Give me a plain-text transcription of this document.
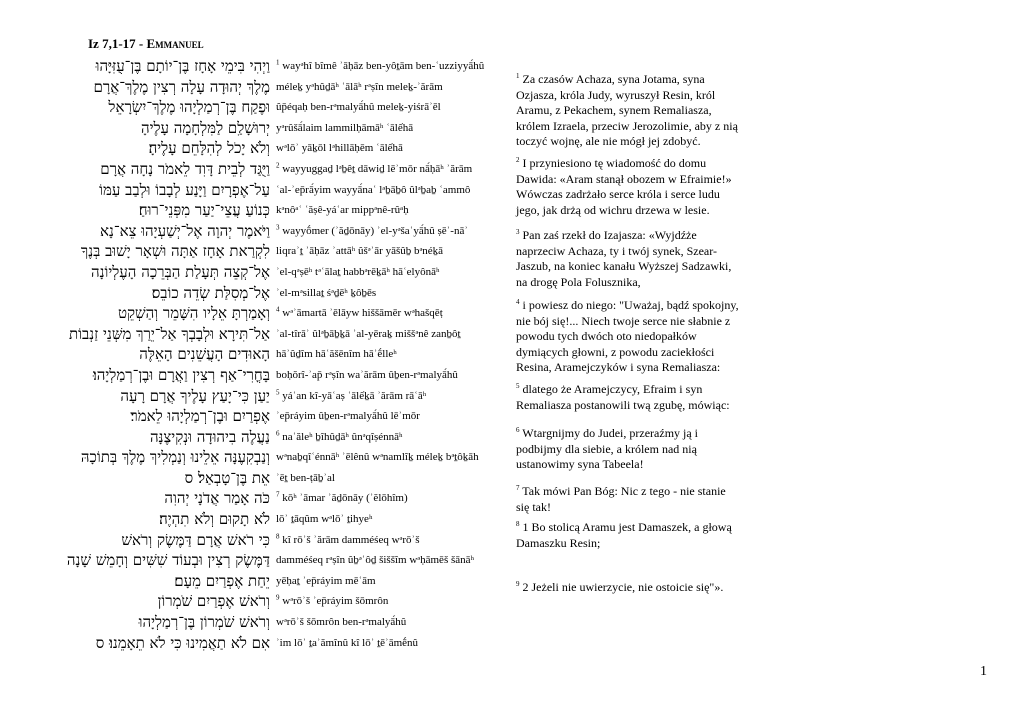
Iz 7,1-17 - Emmanuel
וַיְהִי בִּימֵי אָחָז בֶּן־יוֹתָם בֶּן־עֻזִּיָּהוּ
מֶלֶךְ יְהוּדָה עָלָה רְצִין מֶלֶךְ־אֲרָם
וּפֶקַח בֶּן־רְמַלְיָהוּ מֶלֶךְ־יִשְׂרָאֵל
יְרוּשָׁלִַם לַמִּלְחָמָה עָלֶיהָ
וְלֹא יָכֹל לְהִלָּחֵם עָלֶיהָ׃
וַיֻּגַּד לְבֵית דָּוִד לֵאמֹר נָחָה אֲרָם
עַל־אֶפְרָיִם וַיָּנַע לְבָבוֹ וּלְבַב עַמּוֹ
כְּנוֹעַ עֲצֵי־יַעַר מִפְּנֵי־רוּחַ׃
וַיֹּאמֶר יְהוָה אֶל־יְשַׁעְיָהוּ צֵא־נָא
לִקְרַאת אָחָז אַתָּה וּשְׁאָר יָשׁוּב בְּנֶךָ
אֶל־קְצֵה תְּעָלַת הַבְּרֵכָה הָעֶלְיוֹנָה
אֶל־מְסִלַּת שְׂדֵה כוֹבֵס׃
וְאָמַרְתָּ אֵלָיו הִשָּׁמֵר וְהַשְׁקֵט
אַל־תִּירָא וּלְבָבְךָ אַל־יֵרַךְ מִשְּׁנֵי זַנְבוֹת
הָאוּדִים הָעֲשֵׁנִים הָאֵלֶּה
בָּחֳרִי־אַף רְצִין וַאֲרָם וּבֶן־רְמַלְיָהוּ׃
יַעַן כִּי־יָעַץ עָלֶיךָ אֲרָם רָעָה
אֶפְרַיִם וּבֶן־רְמַלְיָהוּ לֵאמֹר׃
נַעֲלֶה בִיהוּדָה וּנְקִיצֶנָּה
וְנַבְקִעֶנָּה אֵלֵינוּ וְנַמְלִיךְ מֶלֶךְ בְּתוֹכָהּ
אֵת בֶּן־טָבְאַל׃ ס
כֹּה אָמַר אֲדֹנָי יְהוִה
לֹא תָקוּם וְלֹא תִהְיֶה׃
כִּי רֹאשׁ אֲרָם דַּמֶּשֶׂק וְרֹאשׁ
דַּמֶּשֶׂק רְצִין וּבְעוֹד שִׁשִּׁים וְחָמֵשׁ שָׁנָה
יֵחַת אֶפְרַיִם מֵעָם׃
וְרֹאשׁ אֶפְרַיִם שֹׁמְרוֹן
וְרֹאשׁ שֹׁמְרוֹן בֶּן־רְמַלְיָהוּ
אִם לֹא תַאֲמִינוּ כִּי לֹא תֵאָמֵנוּ׃ ס
$^1$ wayᵊhî bîmê ʾāḥāz ben-yôṯām ben-ʿuzziyyā́hû
méleḵ yᵊhûḏāʰ ʿālāʰ rᵊṣîn meleḵ-ʾărām
ûp̄éqaḥ ben-rᵊmalyā́hû meleḵ-yiśrāʾēl
yᵊrûšā́laim lammilḥāmāʰ ʿālếhā
wᵊlōʾ yāḵōl lᵊhillāḥēm ʿālếhā
$^2$ wayyuggaḏ lᵊḇêṯ dāwiḏ lēʾmōr nā́ḥāʰ ʾărām
ʿal-ʾep̄rā́yim wayyā́naʿ lᵊḇāḇô ûlᵊḇaḇ ʿammô
kᵊnôᵃʿ ʿăṣê-yáʿar mippᵊnê-rûᵃḥ
$^3$ wayyṓmer (ʾăḏōnāy) ʾel-yᵊšaʿyā́hû ṣēʾ-nāʾ
liqraʾṯ ʾāḥāz ʾattāʰ ûšᵊʾār yāšûḇ bᵊnéḵā
ʾel-qᵊṣēʰ tᵊʿālaṯ habbᵊrēḵāʰ hāʿelyônāʰ
ʾel-mᵊsillaṯ śᵊḏēʰ ḵôḇēs
$^4$ wᵊʾāmartā ʾēlāyw hiššāmēr wᵊhašqēṭ
ʾal-tîrāʾ ûlᵊḇāḇḵā ʾal-yēraḵ miššᵊnê zanḇôṯ
hāʾûḏîm hāʿăšēnîm hāʾḗlleʰ
boḥŏrî-ʾap̄ rᵊṣîn waʾărām ûḇen-rᵊmalyā́hû
$^5$ yáʿan kî-yāʿaṣ ʿālếḵā ʾărām rāʿāʰ
ʾep̄ráyim ûḇen-rᵊmalyā́hû lēʾmōr
$^6$ naʿăleʰ ḇîhûḏāʰ ûnᵊqîṣénnāʰ
wᵊnaḇqîʿénnāʰ ʾēlênû wᵊnamlîḵ méleḵ bᵊṯôḵāh
ʾēṯ ben-ṭāḇʾal
$^7$ kōʰ ʾāmar ʾăḏōnāy (ʾĕlōhîm)
lōʾ ṯāqûm wᵊlōʾ ṯihyeʰ
$^8$ kî rōʾš ʾărām damméśeq wᵊrōʾš
damméśeq rᵊṣîn ûḇᵊʿôḏ šiššîm wᵊḥāmēš šānāʰ
yēḥaṯ ʾep̄ráyim mēʿām
$^9$ wᵊrōʾš ʾep̄ráyim šōmrôn
wᵊrōʾš šōmrôn ben-rᵊmalyā́hû
ʾim lōʾ ṯaʾămînû kî lōʾ ṯēʾāmḗnû
$^1$ Za czasów Achaza, syna Jotama, syna
Ozjasza, króla Judy, wyruszył Resin, król
Aramu, z Pekachem, synem Remaliasza,
królem Izraela, przeciw Jerozolimie, aby z nią
toczyć wojnę, ale nie mógł jej zdobyć.
$^2$ I przyniesiono tę wiadomość do domu
Dawida: «Aram stanął obozem w Efraimie!»
Wówczas zadrżało serce króla i serce ludu
jego, jak drżą od wichru drzewa w lesie.
$^3$ Pan zaś rzekł do Izajasza: «Wyjdźże
naprzeciw Achaza, ty i twój synek, Szear-
Jaszub, na koniec kanału Wyższej Sadzawki,
na drogę Pola Folusznika,
$^4$ i powiesz do niego: "Uważaj, bądź spokojny,
nie bój się!... Niech twoje serce nie słabnie z
powodu tych dwóch oto niedopałków
dymiących głowni, z powodu zaciekłości
Resina, Aramejczyków i syna Remaliasza:
$^5$ dlatego że Aramejczycy, Efraim i syn
Remaliasza postanowili twą zgubę, mówiąc:
$^6$ Wtargnijmy do Judei, przeraźmy ją i
podbijmy dla siebie, a królem nad nią
ustanowimy syna Tabeela!
$^7$ Tak mówi Pan Bóg: Nic z tego - nie stanie
się tak!
$^8$ 1 Bo stolicą Aramu jest Damaszek, a głową
Damaszku Resin;
$^9$ 2 Jeżeli nie uwierzycie, nie ostoicie się"».
1
